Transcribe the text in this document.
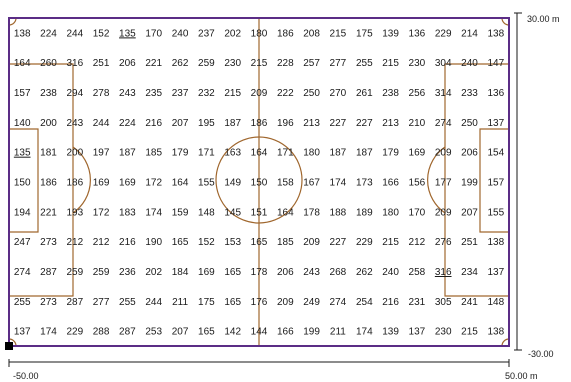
138 224 244 152 135 170 240 237 202 180 186 208 215 175 139 136 229 214 138
164 260 316 251 206 221 262 259 230 215 228 257 277 255 215 230 304 240 147
157 238 294 278 243 235 237 232 215 209 222 250 270 261 238 256 314 233 136
140 200 243 244 224 216 207 195 187 186 196 213 227 227 213 210 274 250 137
135 181 200 197 187 185 179 171 163 164 171 180 187 187 179 169 209 206 154
150 186 186 169 169 172 164 155 149 150 158 167 174 173 166 156 177 199 157
194 221 193 172 183 174 159 148 145 151 164 178 188 189 180 170 209 207 155
247 273 212 212 216 190 165 152 153 165 185 209 227 229 215 212 276 251 138
274 287 259 259 236 202 184 169 165 178 206 243 268 262 240 258 316 234 137
255 273 287 277 255 244 211 175 165 176 209 249 274 254 216 231 305 241 148
137 174 229 288 287 253 207 165 142 144 166 199 211 174 139 137 230 215 138
30.00 m
-30.00
-50.00	50.00 m
